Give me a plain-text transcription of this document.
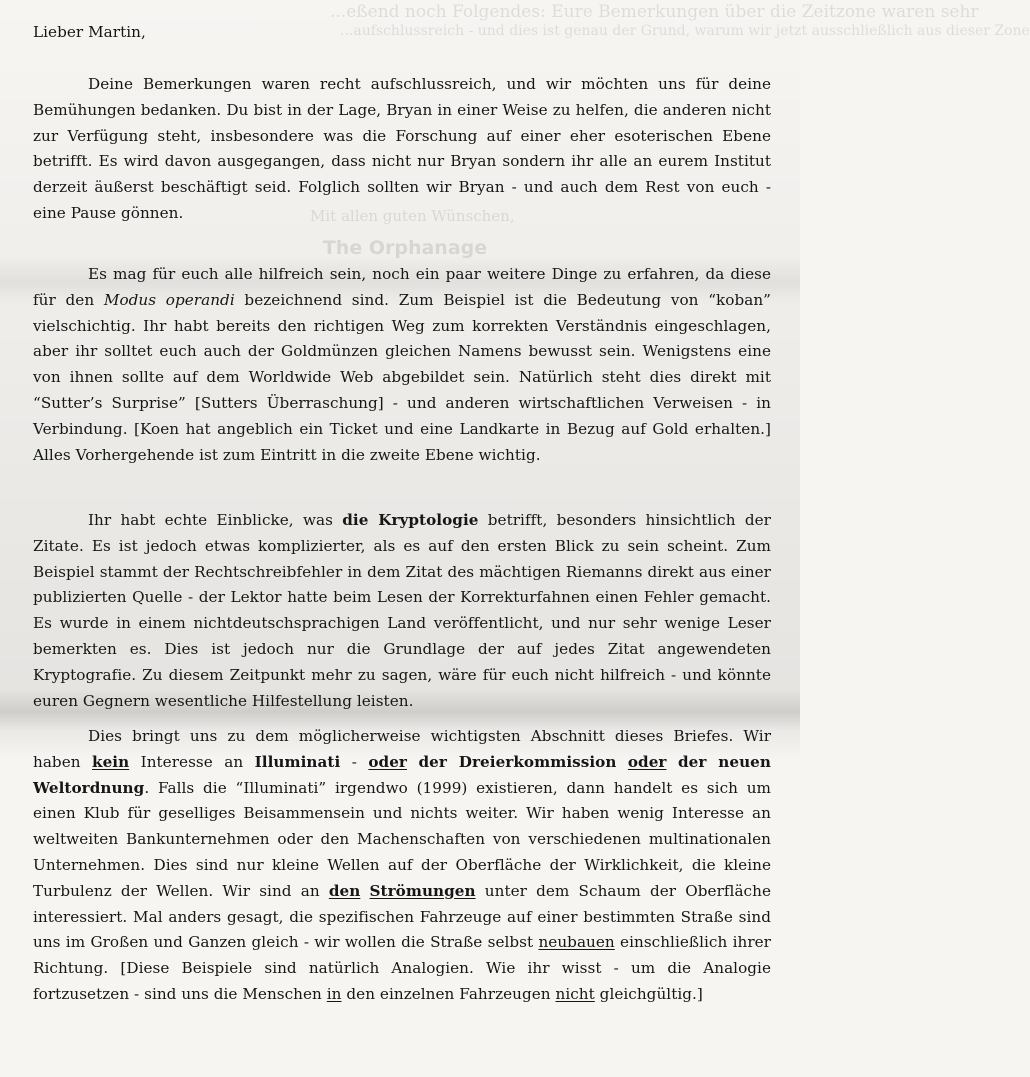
...eßend noch Folgendes: Eure Bemerkungen über die Zeitzone waren sehr
...aufschlussreich - und dies ist genau der Grund, warum wir jetzt ausschließlich aus dieser Zone
Mit allen guten Wünschen,
The Orphanage

Lieber Martin,

Deine Bemerkungen waren recht aufschlussreich, und wir möchten uns für deine Bemühungen bedanken. Du bist in der Lage, Bryan in einer Weise zu helfen, die anderen nicht zur Verfügung steht, insbesondere was die Forschung auf einer eher esoterischen Ebene betrifft. Es wird davon ausgegangen, dass nicht nur Bryan sondern ihr alle an eurem Institut derzeit äußerst beschäftigt seid. Folglich sollten wir Bryan - und auch dem Rest von euch - eine Pause gönnen.

Es mag für euch alle hilfreich sein, noch ein paar weitere Dinge zu erfahren, da diese für den Modus operandi bezeichnend sind. Zum Beispiel ist die Bedeutung von “koban” vielschichtig. Ihr habt bereits den richtigen Weg zum korrekten Verständnis eingeschlagen, aber ihr solltet euch auch der Goldmünzen gleichen Namens bewusst sein. Wenigstens eine von ihnen sollte auf dem Worldwide Web abgebildet sein. Natürlich steht dies direkt mit “Sutter’s Surprise” [Sutters Überraschung] - und anderen wirtschaftlichen Verweisen - in Verbindung. [Koen hat angeblich ein Ticket und eine Landkarte in Bezug auf Gold erhalten.] Alles Vorhergehende ist zum Eintritt in die zweite Ebene wichtig.

Ihr habt echte Einblicke, was die Kryptologie betrifft, besonders hinsichtlich der Zitate. Es ist jedoch etwas komplizierter, als es auf den ersten Blick zu sein scheint. Zum Beispiel stammt der Rechtschreibfehler in dem Zitat des mächtigen Riemanns direkt aus einer publizierten Quelle - der Lektor hatte beim Lesen der Korrekturfahnen einen Fehler gemacht. Es wurde in einem nichtdeutschsprachigen Land veröffentlicht, und nur sehr wenige Leser bemerkten es. Dies ist jedoch nur die Grundlage der auf jedes Zitat angewendeten Kryptografie. Zu diesem Zeitpunkt mehr zu sagen, wäre für euch nicht hilfreich - und könnte euren Gegnern wesentliche Hilfestellung leisten.

Dies bringt uns zu dem möglicherweise wichtigsten Abschnitt dieses Briefes. Wir haben kein Interesse an Illuminati - oder der Dreierkommission oder der neuen Weltordnung. Falls die “Illuminati” irgendwo (1999) existieren, dann handelt es sich um einen Klub für geselliges Beisammensein und nichts weiter. Wir haben wenig Interesse an weltweiten Bankunternehmen oder den Machenschaften von verschiedenen multinationalen Unternehmen. Dies sind nur kleine Wellen auf der Oberfläche der Wirklichkeit, die kleine Turbulenz der Wellen. Wir sind an den Strömungen unter dem Schaum der Oberfläche interessiert. Mal anders gesagt, die spezifischen Fahrzeuge auf einer bestimmten Straße sind uns im Großen und Ganzen gleich - wir wollen die Straße selbst neubauen einschließlich ihrer Richtung. [Diese Beispiele sind natürlich Analogien. Wie ihr wisst - um die Analogie fortzusetzen - sind uns die Menschen in den einzelnen Fahrzeugen nicht gleichgültig.]
